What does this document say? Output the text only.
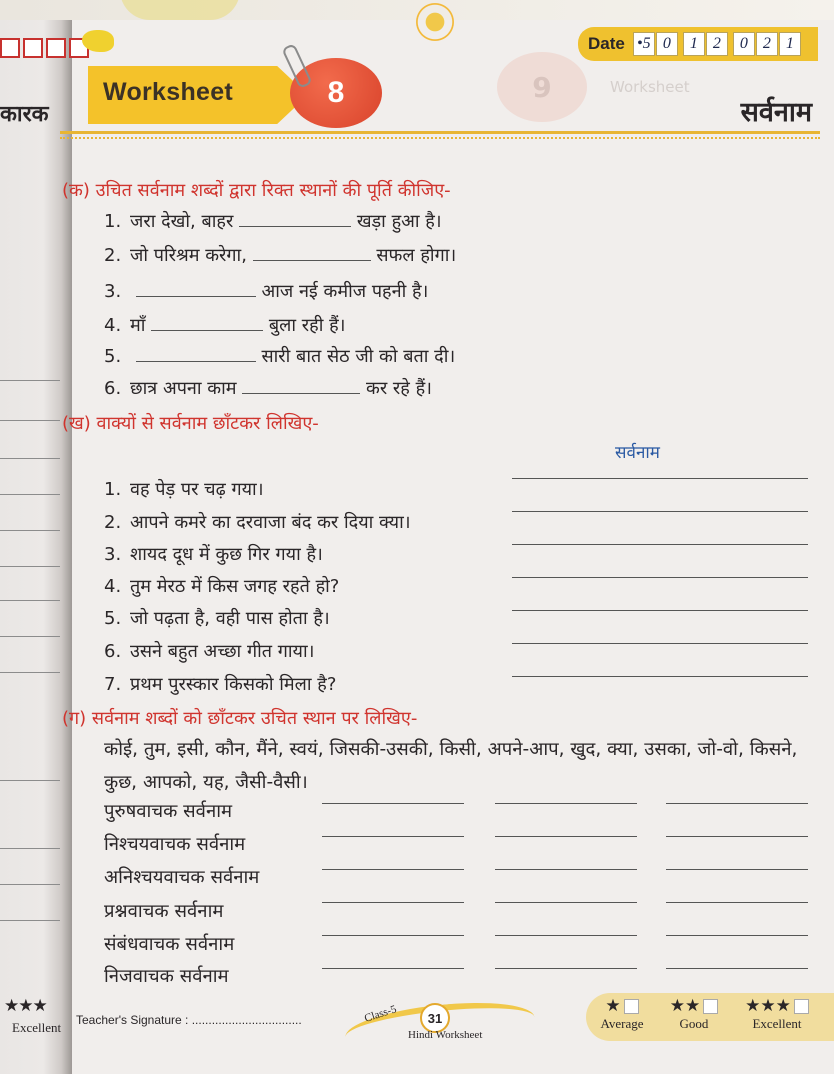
9	Worksheet
कारक
Worksheet	8
Date •5 0	1 2	0 2 1
सर्वनाम
(क) उचित सर्वनाम शब्दों द्वारा रिक्त स्थानों की पूर्ति कीजिए-
1. जरा देखो, बाहर	खड़ा हुआ है।
2. जो परिश्रम करेगा,	सफल होगा।
3.	आज नई कमीज पहनी है।
4. माँ	बुला रही हैं।
5.	सारी बात सेठ जी को बता दी।
6. छात्र अपना काम	कर रहे हैं।
(ख) वाक्यों से सर्वनाम छाँटकर लिखिए-
सर्वनाम
1. वह पेड़ पर चढ़ गया।
2. आपने कमरे का दरवाजा बंद कर दिया क्या।
3. शायद दूध में कुछ गिर गया है।
4. तुम मेरठ में किस जगह रहते हो?
5. जो पढ़ता है, वही पास होता है।
6. उसने बहुत अच्छा गीत गाया।
7. प्रथम पुरस्कार किसको मिला है?
(ग) सर्वनाम शब्दों को छाँटकर उचित स्थान पर लिखिए-
कोई, तुम, इसी, कौन, मैंने, स्वयं, जिसकी-उसकी, किसी, अपने-आप, खुद, क्या, उसका, जो-वो, किसने, कुछ, आपको, यह, जैसी-वैसी।
पुरुषवाचक सर्वनाम
निश्चयवाचक सर्वनाम
अनिश्चयवाचक सर्वनाम
प्रश्नवाचक सर्वनाम
संबंधवाचक सर्वनाम
निजवाचक सर्वनाम
★★★
Excellent Teacher's Signature : .................................	Class-5 31
Hindi Worksheet
★
Average
★★
Good
★★★
Excellent
